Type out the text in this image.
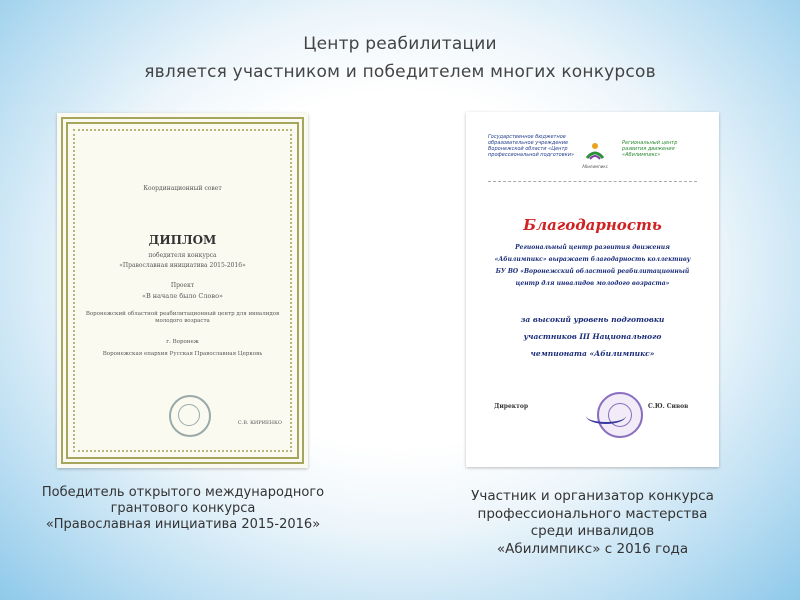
Центр реабилитации
является участником и победителем многих конкурсов
Координационный совет
ДИПЛОМ
победителя конкурса
«Православная инициатива 2015-2016»
Проект
«В начале было Слово»
Воронежский областной реабилитационный центр для инвалидов молодого возраста
г. Воронеж
Воронежская епархия Русская Православная Церковь
С.В. КИРИЕНКО
Государственное бюджетное образовательное учреждение Воронежской области «Центр профессиональной подготовки»
Абилимпикс
Региональный центр развития движения «Абилимпикс»
Благодарность
Региональный центр развития движения
«Абилимпикс» выражает благодарность коллективу
БУ ВО «Воронежский областной реабилитационный
центр для инвалидов молодого возраста»
за высокий уровень подготовки
участников III Национального
чемпионата «Абилимпикс»
Директор	С.Ю. Сивов
Победитель открытого международного
грантового конкурса
«Православная инициатива 2015-2016»
Участник и организатор конкурса
профессионального мастерства
среди инвалидов
«Абилимпикс» с 2016 года
